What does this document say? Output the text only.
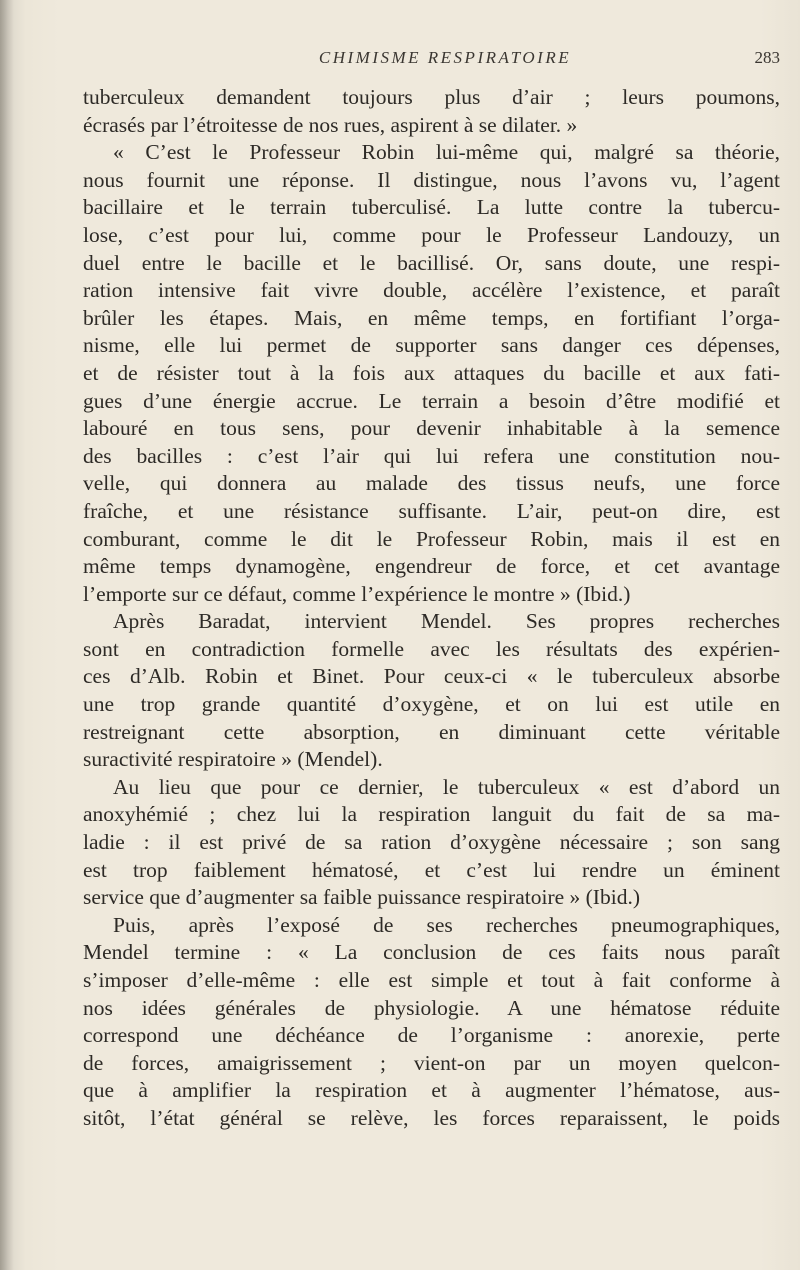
CHIMISME RESPIRATOIRE	283
tuberculeux demandent toujours plus d’air ; leurs poumons,
écrasés par l’étroitesse de nos rues, aspirent à se dilater. »
« C’est le Professeur Robin lui-même qui, malgré sa théorie,
nous fournit une réponse. Il distingue, nous l’avons vu, l’agent
bacillaire et le terrain tuberculisé. La lutte contre la tubercu-
lose, c’est pour lui, comme pour le Professeur Landouzy, un
duel entre le bacille et le bacillisé. Or, sans doute, une respi-
ration intensive fait vivre double, accélère l’existence, et paraît
brûler les étapes. Mais, en même temps, en fortifiant l’orga-
nisme, elle lui permet de supporter sans danger ces dépenses,
et de résister tout à la fois aux attaques du bacille et aux fati-
gues d’une énergie accrue. Le terrain a besoin d’être modifié et
labouré en tous sens, pour devenir inhabitable à la semence
des bacilles : c’est l’air qui lui refera une constitution nou-
velle, qui donnera au malade des tissus neufs, une force
fraîche, et une résistance suffisante. L’air, peut-on dire, est
comburant, comme le dit le Professeur Robin, mais il est en
même temps dynamogène, engendreur de force, et cet avantage
l’emporte sur ce défaut, comme l’expérience le montre » (Ibid.)
Après Baradat, intervient Mendel. Ses propres recherches
sont en contradiction formelle avec les résultats des expérien-
ces d’Alb. Robin et Binet. Pour ceux-ci « le tuberculeux absorbe
une trop grande quantité d’oxygène, et on lui est utile en
restreignant cette absorption, en diminuant cette véritable
suractivité respiratoire » (Mendel).
Au lieu que pour ce dernier, le tuberculeux « est d’abord un
anoxyhémié ; chez lui la respiration languit du fait de sa ma-
ladie : il est privé de sa ration d’oxygène nécessaire ; son sang
est trop faiblement hématosé, et c’est lui rendre un éminent
service que d’augmenter sa faible puissance respiratoire » (Ibid.)
Puis, après l’exposé de ses recherches pneumographiques,
Mendel termine : « La conclusion de ces faits nous paraît
s’imposer d’elle-même : elle est simple et tout à fait conforme à
nos idées générales de physiologie. A une hématose réduite
correspond une déchéance de l’organisme : anorexie, perte
de forces, amaigrissement ; vient-on par un moyen quelcon-
que à amplifier la respiration et à augmenter l’hématose, aus-
sitôt, l’état général se relève, les forces reparaissent, le poids
